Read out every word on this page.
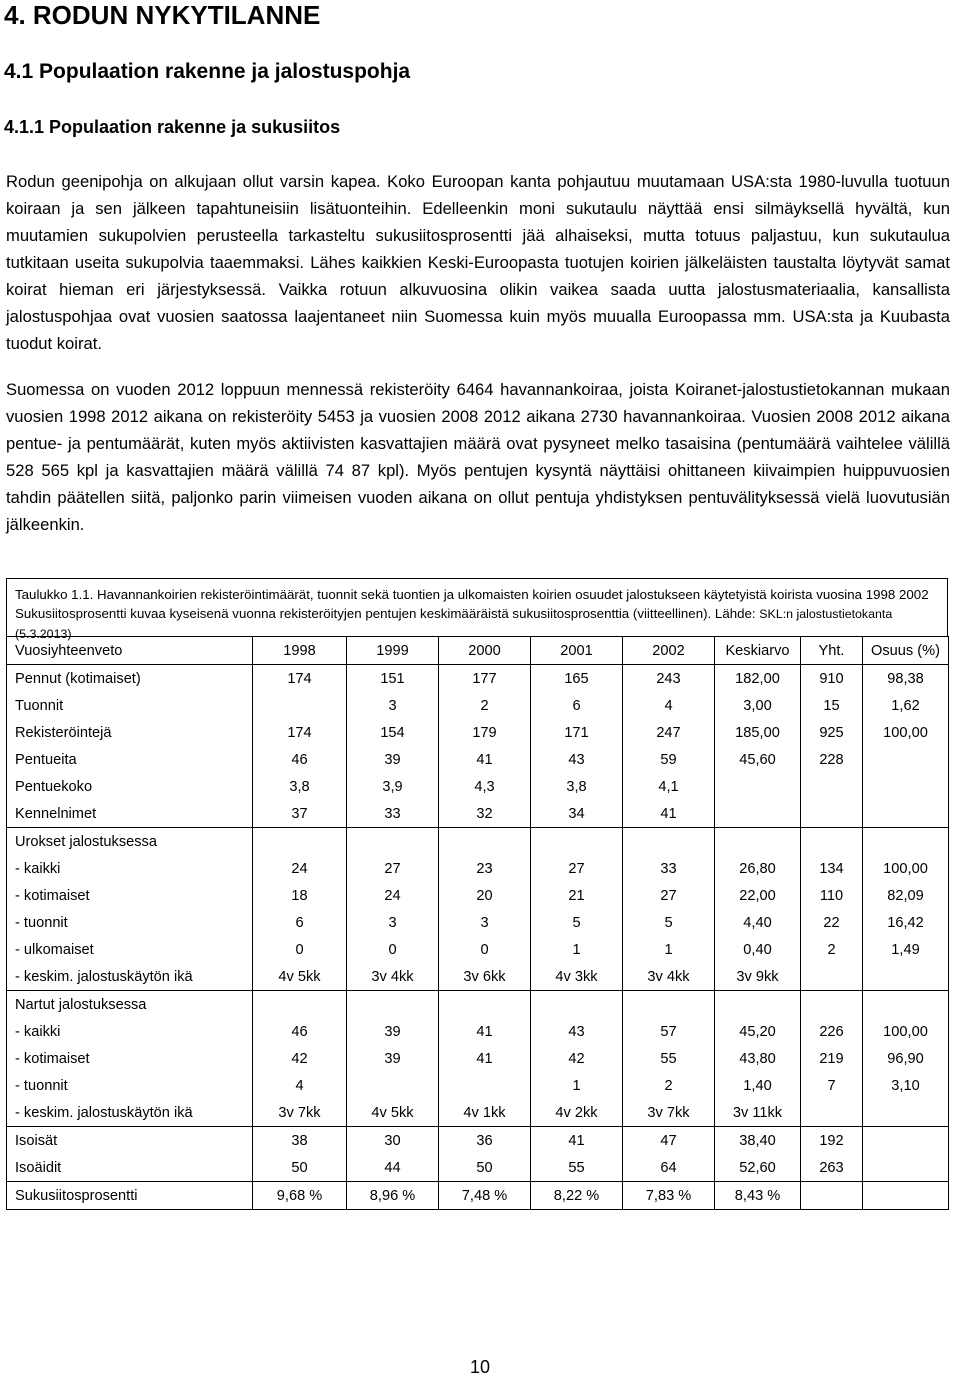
4. RODUN NYKYTILANNE
4.1 Populaation rakenne ja jalostuspohja
4.1.1 Populaation rakenne ja sukusiitos

Rodun geenipohja on alkujaan ollut varsin kapea. Koko Euroopan kanta pohjautuu muutamaan USA:sta 1980-luvulla tuotuun koiraan ja sen jälkeen tapahtuneisiin lisätuonteihin. Edelleenkin moni sukutaulu näyttää ensi silmäyksellä hyvältä, kun muutamien sukupolvien perusteella tarkasteltu sukusiitosprosentti jää alhaiseksi, mutta totuus paljastuu, kun sukutaulua tutkitaan useita sukupolvia taaemmaksi. Lähes kaikkien Keski-Euroopasta tuotujen koirien jälkeläisten taustalta löytyvät samat koirat hieman eri järjestyksessä. Vaikka rotuun alkuvuosina olikin vaikea saada uutta jalostusmateriaalia, kansallista jalostuspohjaa ovat vuosien saatossa laajentaneet niin Suomessa kuin myös muualla Euroopassa mm. USA:sta ja Kuubasta tuodut koirat.

Suomessa on vuoden 2012 loppuun mennessä rekisteröity 6464 havannankoiraa, joista Koiranet-jalostustietokannan mukaan vuosien 1998 2012 aikana on rekisteröity 5453 ja vuosien 2008 2012 aikana 2730 havannankoiraa. Vuosien 2008 2012 aikana pentue- ja pentumäärät, kuten myös aktiivisten kasvattajien määrä ovat pysyneet melko tasaisina (pentumäärä vaihtelee välillä 528 565 kpl ja kasvattajien määrä välillä 74 87 kpl). Myös pentujen kysyntä näyttäisi ohittaneen kiivaimpien huippuvuosien tahdin päätellen siitä, paljonko parin viimeisen vuoden aikana on ollut pentuja yhdistyksen pentuvälityksessä vielä luovutusiän jälkeenkin.

Taulukko 1.1. Havannankoirien rekisteröintimäärät, tuonnit sekä tuontien ja ulkomaisten koirien osuudet jalostukseen käytetyistä koirista vuosina 1998 2002 Sukusiitosprosentti kuvaa kyseisenä vuonna rekisteröityjen pentujen keskimääräistä sukusiitosprosenttia (viitteellinen). Lähde: SKL:n jalostustietokanta (5.3.2013)
Vuosiyhteenveto	1998	1999	2000	2001	2002	Keskiarvo	Yht.	Osuus (%)
Pennut (kotimaiset)	174	151	177	165	243	182,00	910	98,38
Tuonnit		3	2	6	4	3,00	15	1,62
Rekisteröintejä	174	154	179	171	247	185,00	925	100,00
Pentueita	46	39	41	43	59	45,60	228	
Pentuekoko	3,8	3,9	4,3	3,8	4,1			
Kennelnimet	37	33	32	34	41			
Urokset jalostuksessa								
- kaikki	24	27	23	27	33	26,80	134	100,00
- kotimaiset	18	24	20	21	27	22,00	110	82,09
- tuonnit	6	3	3	5	5	4,40	22	16,42
- ulkomaiset	0	0	0	1	1	0,40	2	1,49
- keskim. jalostuskäytön ikä	4v 5kk	3v 4kk	3v 6kk	4v 3kk	3v 4kk	3v 9kk		
Nartut jalostuksessa								
- kaikki	46	39	41	43	57	45,20	226	100,00
- kotimaiset	42	39	41	42	55	43,80	219	96,90
- tuonnit	4			1	2	1,40	7	3,10
- keskim. jalostuskäytön ikä	3v 7kk	4v 5kk	4v 1kk	4v 2kk	3v 7kk	3v 11kk		
Isoisät	38	30	36	41	47	38,40	192	
Isoäidit	50	44	50	55	64	52,60	263	
Sukusiitosprosentti	9,68 %	8,96 %	7,48 %	8,22 %	7,83 %	8,43 %		
10
